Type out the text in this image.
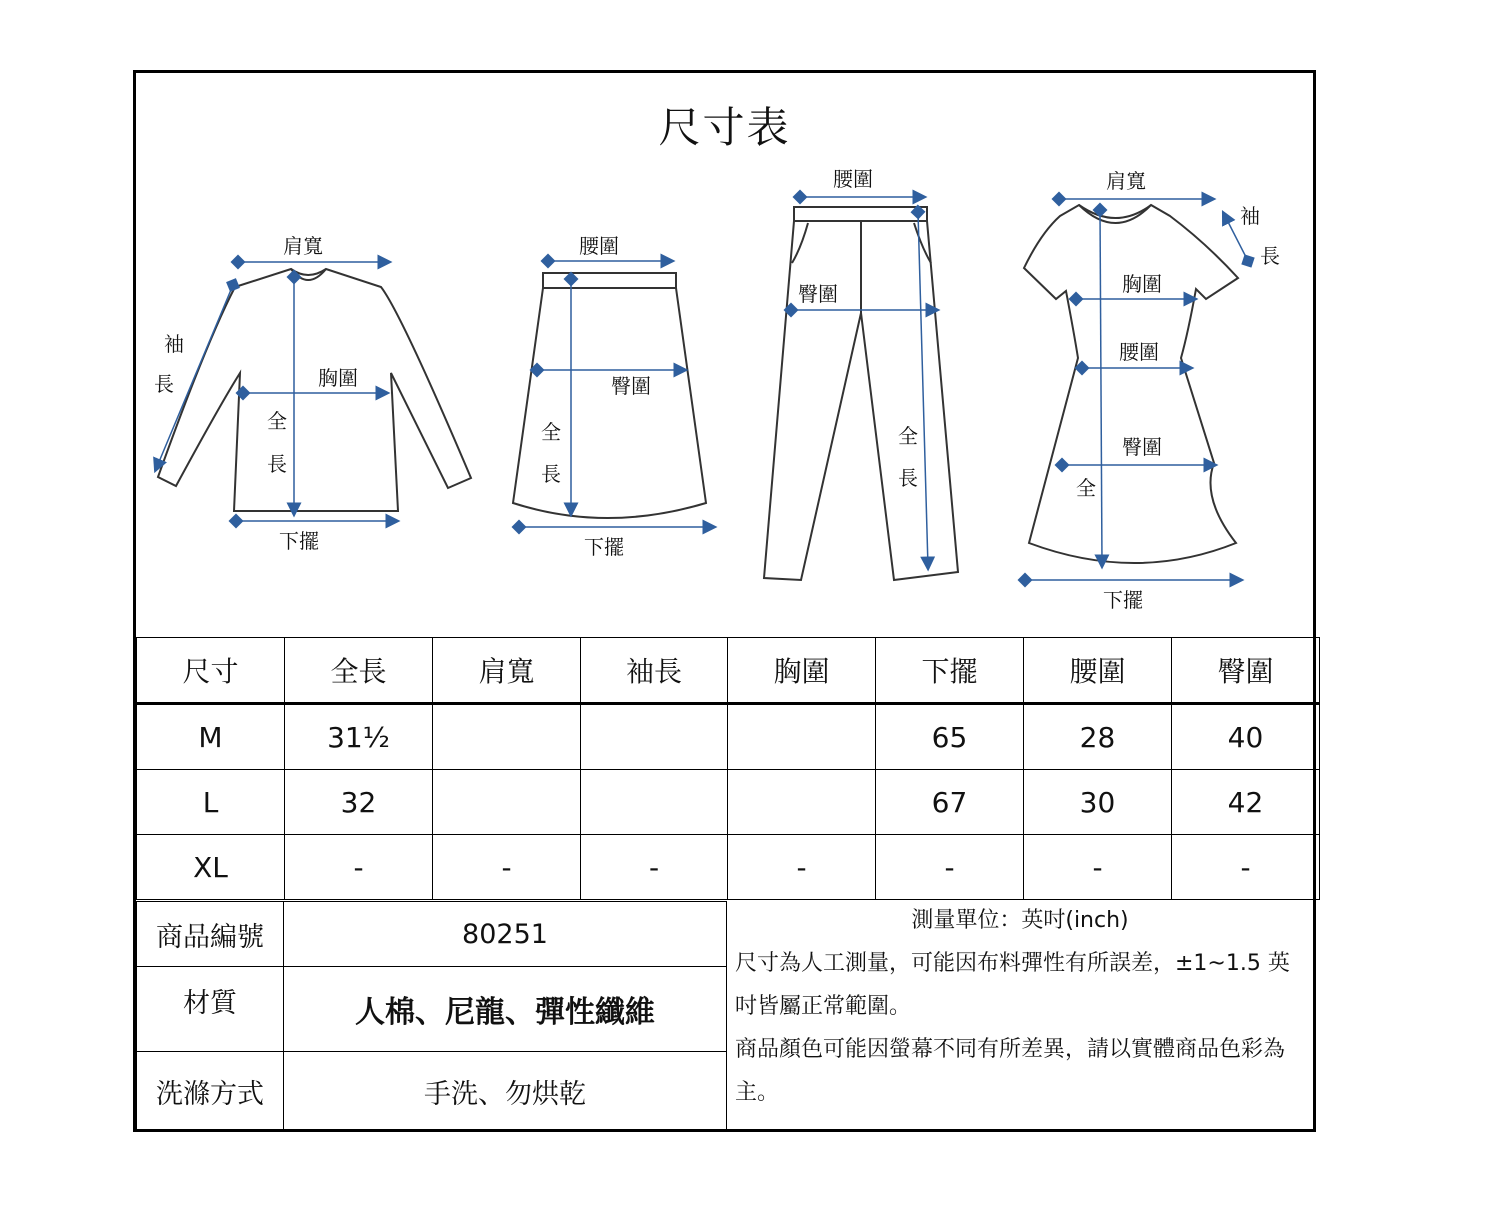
尺寸表
肩寬
袖
長	胸圍
全
長
下擺
腰圍
臀圍
全
長
下擺
腰圍
臀圍
全
長
肩寬
袖
長
胸圍
腰圍
臀圍
全
下擺
尺寸	全長	肩寬	袖長	胸圍	下擺	腰圍	臀圍
M	31½				65	28	40
L	32				67	30	42
XL	-	-	-	-	-	-	-
商品編號	80251
材質	人棉、尼龍、彈性纖維
洗滌方式	手洗、勿烘乾
測量單位：英吋(inch)
尺寸為人工測量，可能因布料彈性有所誤差，±1~1.5 英吋皆屬正常範圍。
商品顏色可能因螢幕不同有所差異，請以實體商品色彩為主。
